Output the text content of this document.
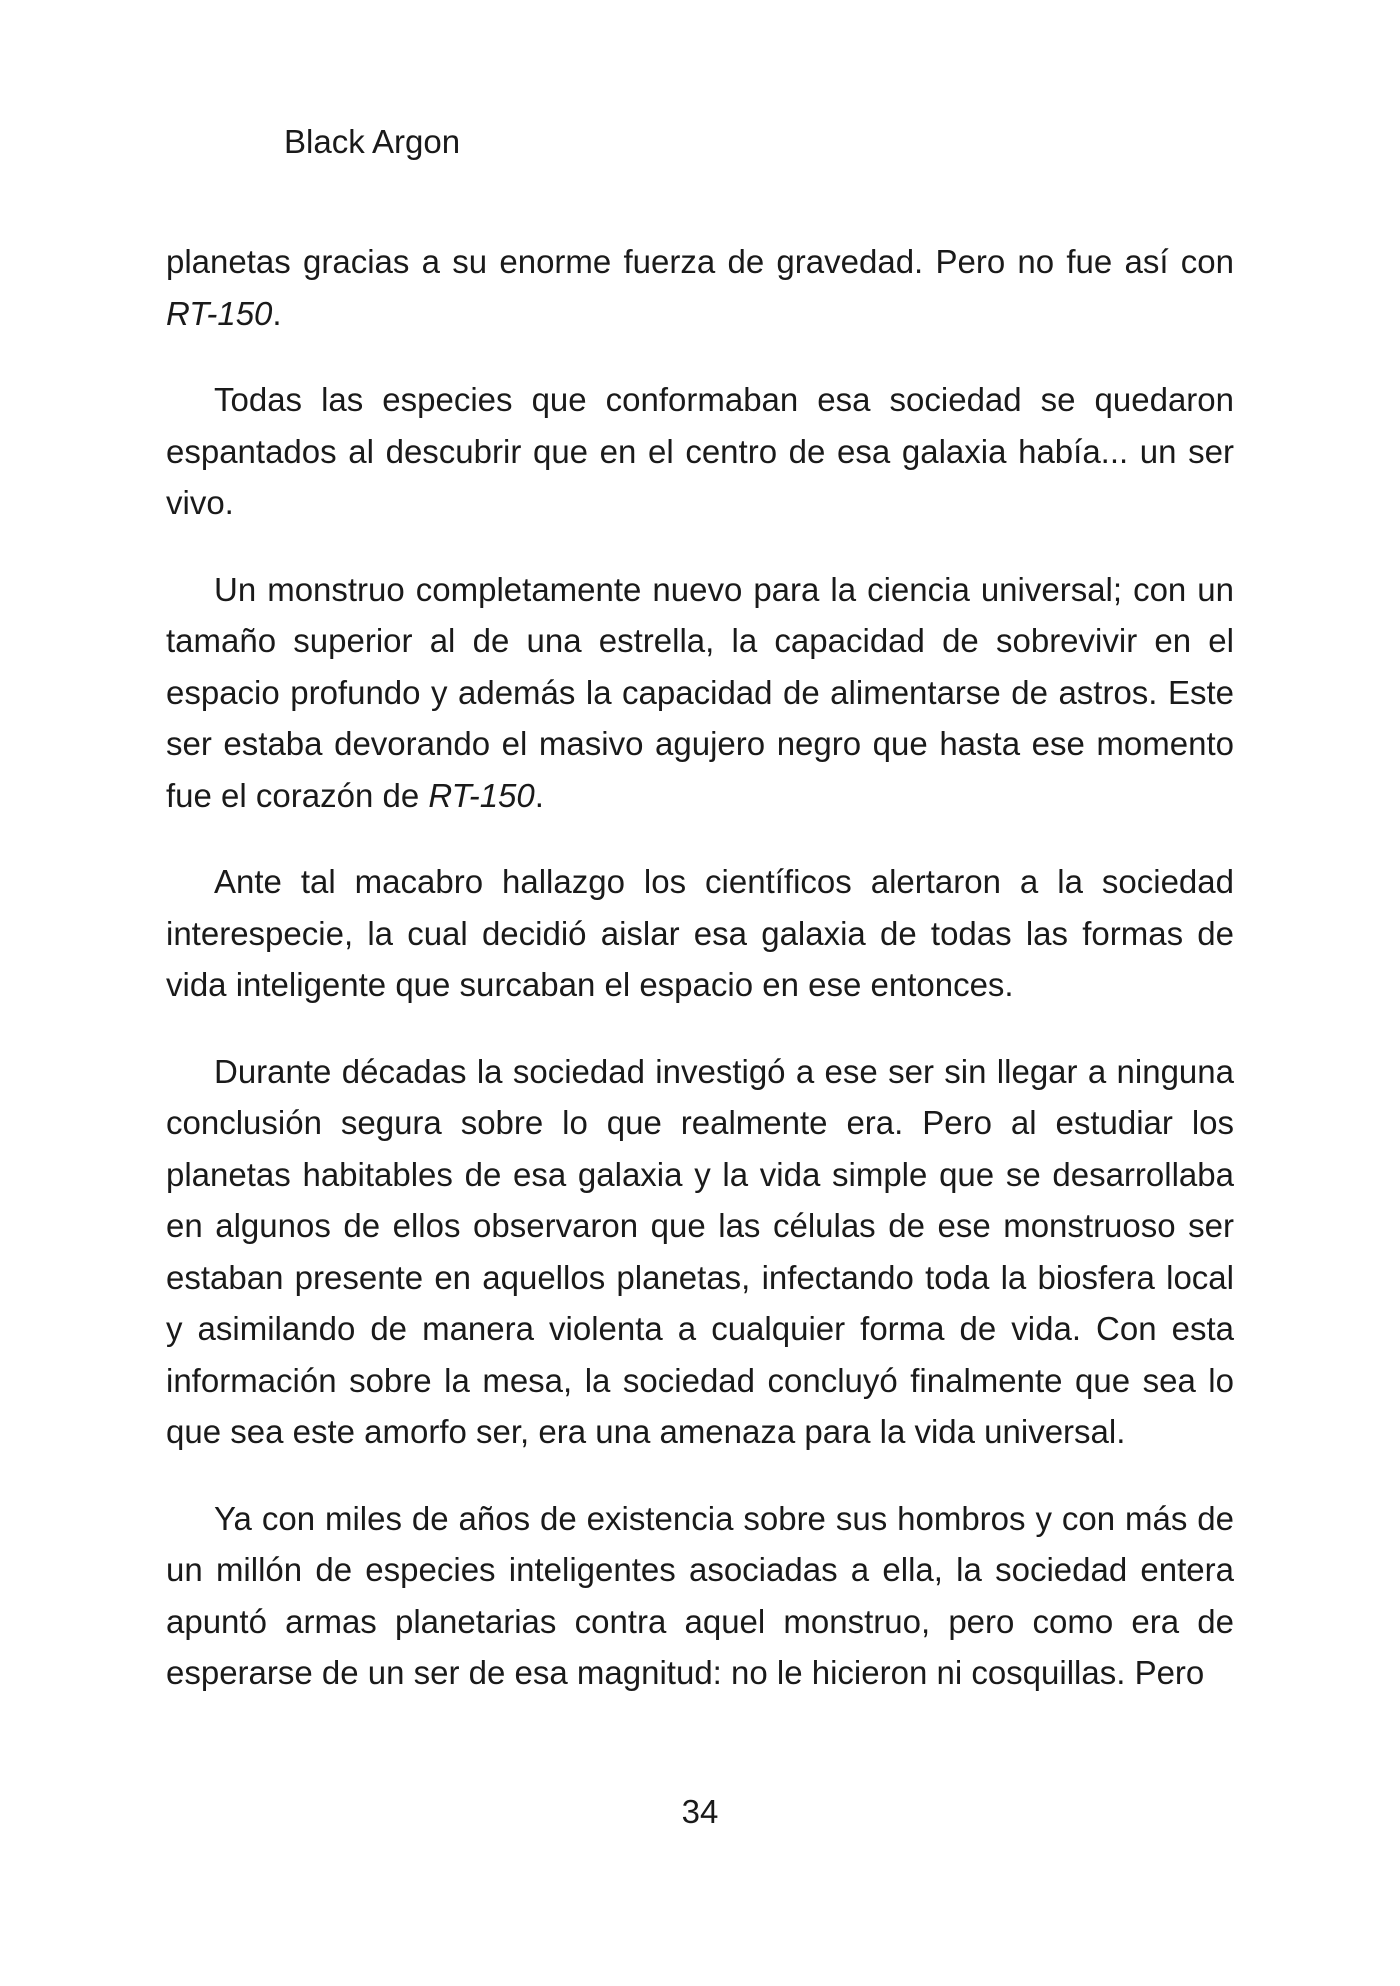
Black Argon

planetas gracias a su enorme fuerza de gravedad. Pero no fue así con RT-150.

Todas las especies que conformaban esa sociedad se quedaron espantados al descubrir que en el centro de esa galaxia había... un ser vivo.

Un monstruo completamente nuevo para la ciencia universal; con un tamaño superior al de una estrella, la capacidad de sobrevivir en el espacio profundo y además la capacidad de alimentarse de astros. Este ser estaba devorando el masivo agujero negro que hasta ese momento fue el corazón de RT-150.

Ante tal macabro hallazgo los científicos alertaron a la sociedad interespecie, la cual decidió aislar esa galaxia de todas las formas de vida inteligente que surcaban el espacio en ese entonces.

Durante décadas la sociedad investigó a ese ser sin llegar a ninguna conclusión segura sobre lo que realmente era. Pero al estudiar los planetas habitables de esa galaxia y la vida simple que se desarrollaba en algunos de ellos observaron que las células de ese monstruoso ser estaban presente en aquellos planetas, infectando toda la biosfera local y asimilando de manera violenta a cualquier forma de vida. Con esta información sobre la mesa, la sociedad concluyó finalmente que sea lo que sea este amorfo ser, era una amenaza para la vida universal.

Ya con miles de años de existencia sobre sus hombros y con más de un millón de especies inteligentes asociadas a ella, la sociedad entera apuntó armas planetarias contra aquel monstruo, pero como era de esperarse de un ser de esa magnitud: no le hicieron ni cosquillas. Pero

34
